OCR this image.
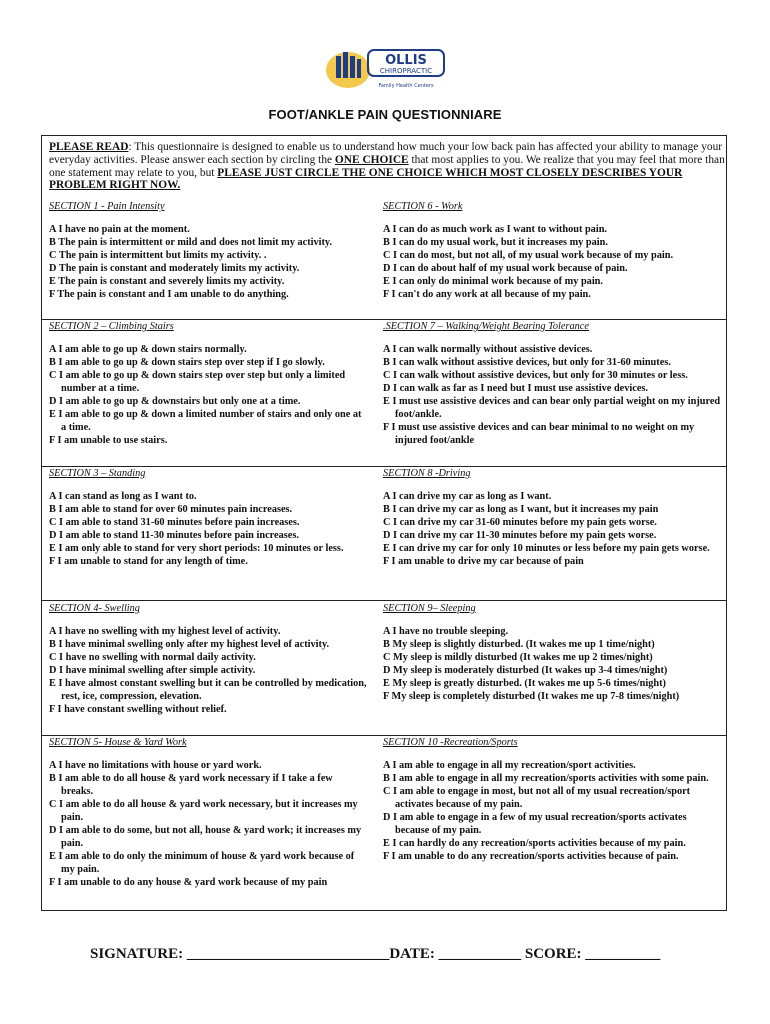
OLLIS
CHIROPRACTIC
Family Health Centers
FOOT/ANKLE PAIN QUESTIONNIARE
PLEASE READ: This questionnaire is designed to enable us to understand how much your low back pain has affected your ability to manage your everyday activities. Please answer each section by circling the ONE CHOICE that most applies to you. We realize that you may feel that more than one statement may relate to you, but PLEASE JUST CIRCLE THE ONE CHOICE WHICH MOST CLOSELY DESCRIBES YOUR PROBLEM RIGHT NOW.
SECTION 1 - Pain Intensity
A I have no pain at the moment.
B The pain is intermittent or mild and does not limit my activity.
C The pain is intermittent but limits my activity. .
D The pain is constant and moderately limits my activity.
E The pain is constant and severely limits my activity.
F The pain is constant and I am unable to do anything.
SECTION 6 - Work
A I can do as much work as I want to without pain.
B I can do my usual work, but it increases my pain.
C I can do most, but not all, of my usual work because of my pain.
D I can do about half of my usual work because of pain.
E I can only do minimal work because of my pain.
F I can't do any work at all because of my pain.
SECTION 2 – Climbing Stairs
A I am able to go up & down stairs normally.
B I am able to go up & down stairs step over step if I go slowly.
C I am able to go up & down stairs step over step but only a limited number at a time.
D I am able to go up & downstairs but only one at a time.
E I am able to go up & down a limited number of stairs and only one at a time.
F I am unable to use stairs.
.SECTION 7 – Walking/Weight Bearing Tolerance
A I can walk normally without assistive devices.
B I can walk without assistive devices, but only for 31-60 minutes.
C I can walk without assistive devices, but only for 30 minutes or less.
D I can walk as far as I need but I must use assistive devices.
E I must use assistive devices and can bear only partial weight on my injured foot/ankle.
F I must use assistive devices and can bear minimal to no weight on my injured foot/ankle
SECTION 3 – Standing
A I can stand as long as I want to.
B I am able to stand for over 60 minutes pain increases.
C I am able to stand 31-60 minutes before pain increases.
D I am able to stand 11-30 minutes before pain increases.
E I am only able to stand for very short periods: 10 minutes or less.
F I am unable to stand for any length of time.
SECTION 8 -Driving
A I can drive my car as long as I want.
B I can drive my car as long as I want, but it increases my pain
C I can drive my car 31-60 minutes before my pain gets worse.
D I can drive my car 11-30 minutes before my pain gets worse.
E I can drive my car for only 10 minutes or less before my pain gets worse.
F I am unable to drive my car because of pain
SECTION 4- Swelling
A I have no swelling with my highest level of activity.
B I have minimal swelling only after my highest level of activity.
C I have no swelling with normal daily activity.
D I have minimal swelling after simple activity.
E I have almost constant swelling but it can be controlled by medication, rest, ice, compression, elevation.
F I have constant swelling without relief.
SECTION 9– Sleeping
A I have no trouble sleeping.
B My sleep is slightly disturbed. (It wakes me up 1 time/night)
C My sleep is mildly disturbed (It wakes me up 2 times/night)
D My sleep is moderately disturbed (It wakes up 3-4 times/night)
E My sleep is greatly disturbed. (It wakes me up 5-6 times/night)
F My sleep is completely disturbed (It wakes me up 7-8 times/night)
SECTION 5- House & Yard Work
A I have no limitations with house or yard work.
B I am able to do all house & yard work necessary if I take a few breaks.
C I am able to do all house & yard work necessary, but it increases my pain.
D I am able to do some, but not all, house & yard work; it increases my pain.
E I am able to do only the minimum of house & yard work because of my pain.
F I am unable to do any house & yard work because of my pain
SECTION 10 -Recreation/Sports
A I am able to engage in all my recreation/sport activities.
B I am able to engage in all my recreation/sports activities with some pain.
C I am able to engage in most, but not all of my usual recreation/sport activates because of my pain.
D I am able to engage in a few of my usual recreation/sports activates because of my pain.
E I can hardly do any recreation/sports activities because of my pain.
F I am unable to do any recreation/sports activities because of pain.
SIGNATURE: ___________________________DATE: ___________ SCORE: __________
